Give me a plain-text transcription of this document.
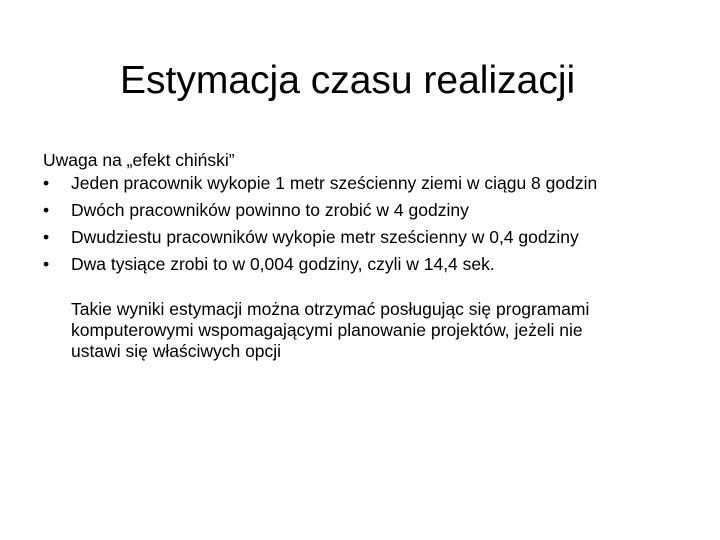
Estymacja czasu realizacji
Uwaga na „efekt chiński”
• Jeden pracownik wykopie 1 metr sześcienny ziemi w ciągu 8 godzin
• Dwóch pracowników powinno to zrobić w 4 godziny
• Dwudziestu pracowników wykopie metr sześcienny w 0,4 godziny
• Dwa tysiące zrobi to w 0,004 godziny, czyli w 14,4 sek.
Takie wyniki estymacji można otrzymać posługując się programami komputerowymi wspomagającymi planowanie projektów, jeżeli nie ustawi się właściwych opcji
